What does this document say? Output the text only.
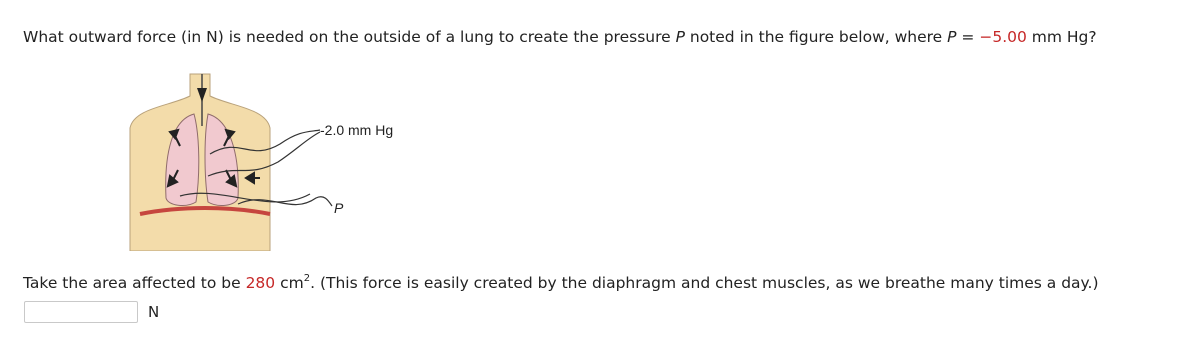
What outward force (in N) is needed on the outside of a lung to create the pressure P noted in the figure below, where P = −5.00 mm Hg?
-2.0 mm Hg
P
Take the area affected to be 280 $cm^2$. (This force is easily created by the diaphragm and chest muscles, as we breathe many times a day.)
N
